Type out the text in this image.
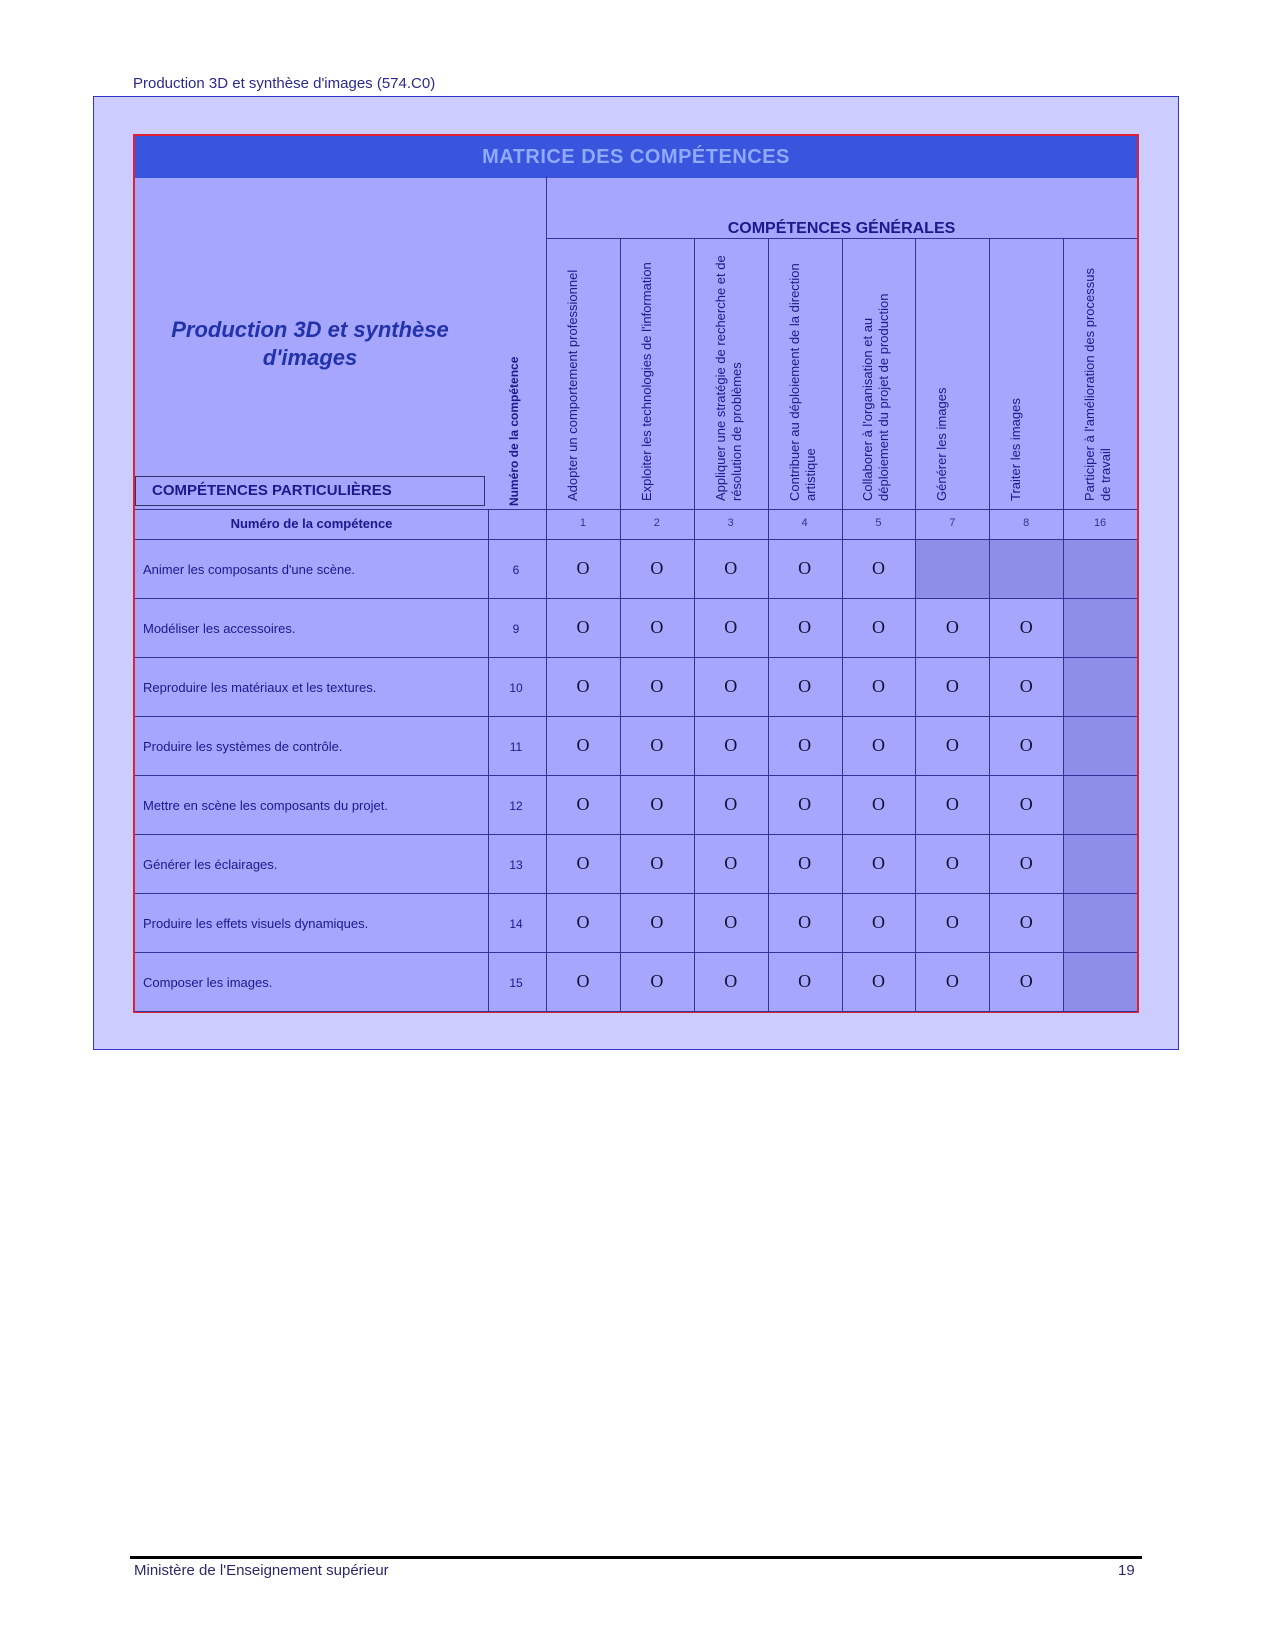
Production 3D et synthèse d'images (574.C0)
MATRICE DES COMPÉTENCES
Production 3D et synthèse d'images
COMPÉTENCES PARTICULIÈRES
COMPÉTENCES GÉNÉRALES
Numéro de la compétence
Numéro de la compétence
Adopter un comportement professionnel
1
Exploiter les technologies de l'information
2
Appliquer une stratégie de recherche et de résolution de problèmes
3
Contribuer au déploiement de la direction artistique
4
Collaborer à l'organisation et au déploiement du projet de production
5
Générer les images
7
Traiter les images
8
Participer à l'amélioration des processus de travail
16
Animer les composants d'une scène.	6	O	O	O	O	O
Modéliser les accessoires.	9	O	O	O	O	O	O	O
Reproduire les matériaux et les textures.	10	O	O	O	O	O	O	O
Produire les systèmes de contrôle.	11	O	O	O	O	O	O	O
Mettre en scène les composants du projet.	12	O	O	O	O	O	O	O
Générer les éclairages.	13	O	O	O	O	O	O	O
Produire les effets visuels dynamiques.	14	O	O	O	O	O	O	O
Composer les images.	15	O	O	O	O	O	O	O
Ministère de l'Enseignement supérieur	19
